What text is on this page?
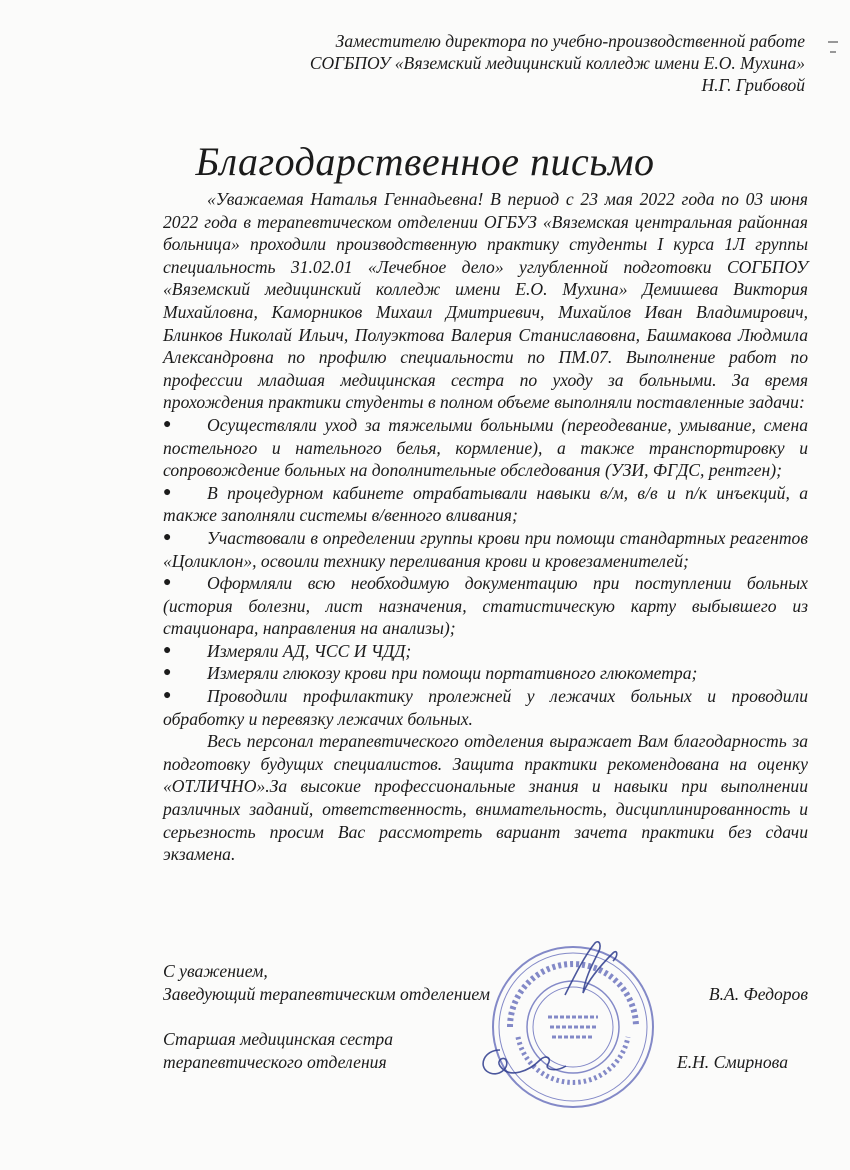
Заместителю директора по учебно-производственной работе
СОГБПОУ «Вяземский медицинский колледж имени Е.О. Мухина»
Н.Г. Грибовой
Благодарственное письмо

«Уважаемая Наталья Геннадьевна! В период с 23 мая 2022 года по 03 июня 2022 года в терапевтическом отделении ОГБУЗ «Вяземская центральная районная больница» проходили производственную практику студенты I курса 1Л группы специальность 31.02.01 «Лечебное дело» углубленной подготовки СОГБПОУ «Вяземский медицинский колледж имени Е.О. Мухина» Демишева Виктория Михайловна, Каморников Михаил Дмитриевич, Михайлов Иван Владимирович, Блинков Николай Ильич, Полуэктова Валерия Станиславовна, Башмакова Людмила Александровна по профилю специальности по ПМ.07. Выполнение работ по профессии младшая медицинская сестра по уходу за больными. За время прохождения практики студенты в полном объеме выполняли поставленные задачи:

● Осуществляли уход за тяжелыми больными (переодевание, умывание, смена постельного и нательного белья, кормление), а также транспортировку и сопровождение больных на дополнительные обследования (УЗИ, ФГДС, рентген);
● В процедурном кабинете отрабатывали навыки в/м, в/в и п/к инъекций, а также заполняли системы в/венного вливания;
● Участвовали в определении группы крови при помощи стандартных реагентов «Цоликлон», освоили технику переливания крови и кровезаменителей;
● Оформляли всю необходимую документацию при поступлении больных (история болезни, лист назначения, статистическую карту выбывшего из стационара, направления на анализы);
● Измеряли АД, ЧСС И ЧДД;
● Измеряли глюкозу крови при помощи портативного глюкометра;
● Проводили профилактику пролежней у лежачих больных и проводили обработку и перевязку лежачих больных.

Весь персонал терапевтического отделения выражает Вам благодарность за подготовку будущих специалистов. Защита практики рекомендована на оценку «ОТЛИЧНО».За высокие профессиональные знания и навыки при выполнении различных заданий, ответственность, внимательность, дисциплинированность и серьезность просим Вас рассмотреть вариант зачета практики без сдачи экзамена.

С уважением,
Заведующий терапевтическим отделением	В.А. Федоров
Старшая медицинская сестра
терапевтического отделения	Е.Н. Смирнова
